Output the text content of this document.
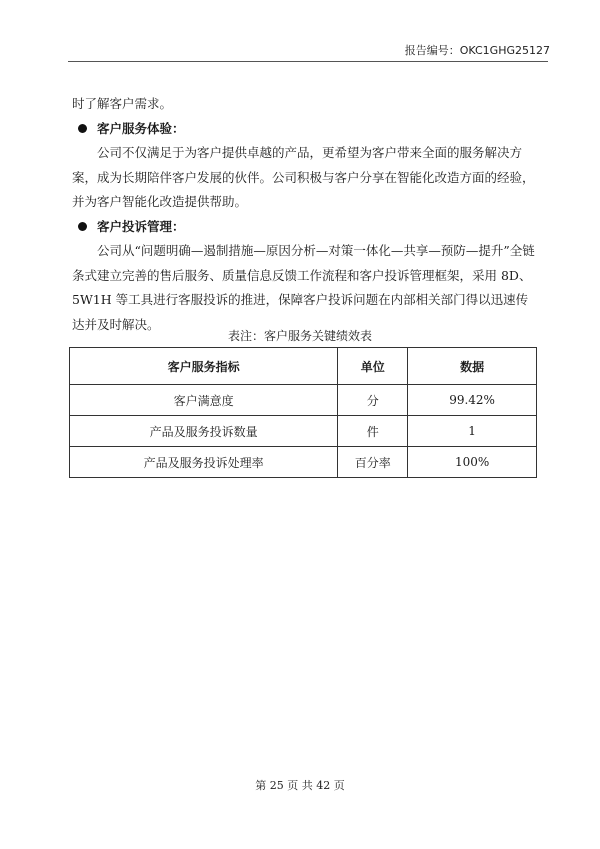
报告编号：OKC1GHG25127

时了解客户需求。

客户服务体验：

公司不仅满足于为客户提供卓越的产品，更希望为客户带来全面的服务解决方案，成为长期陪伴客户发展的伙伴。公司积极与客户分享在智能化改造方面的经验，并为客户智能化改造提供帮助。

客户投诉管理：

公司从“问题明确—遏制措施—原因分析—对策一体化—共享—预防—提升”全链条式建立完善的售后服务、质量信息反馈工作流程和客户投诉管理框架，采用 8D、5W1H 等工具进行客服投诉的推进，保障客户投诉问题在内部相关部门得以迅速传达并及时解决。

表注：客户服务关键绩效表
客户服务指标	单位	数据
客户满意度	分	99.42%
产品及服务投诉数量	件	1
产品及服务投诉处理率	百分率	100%
第 25 页 共 42 页
